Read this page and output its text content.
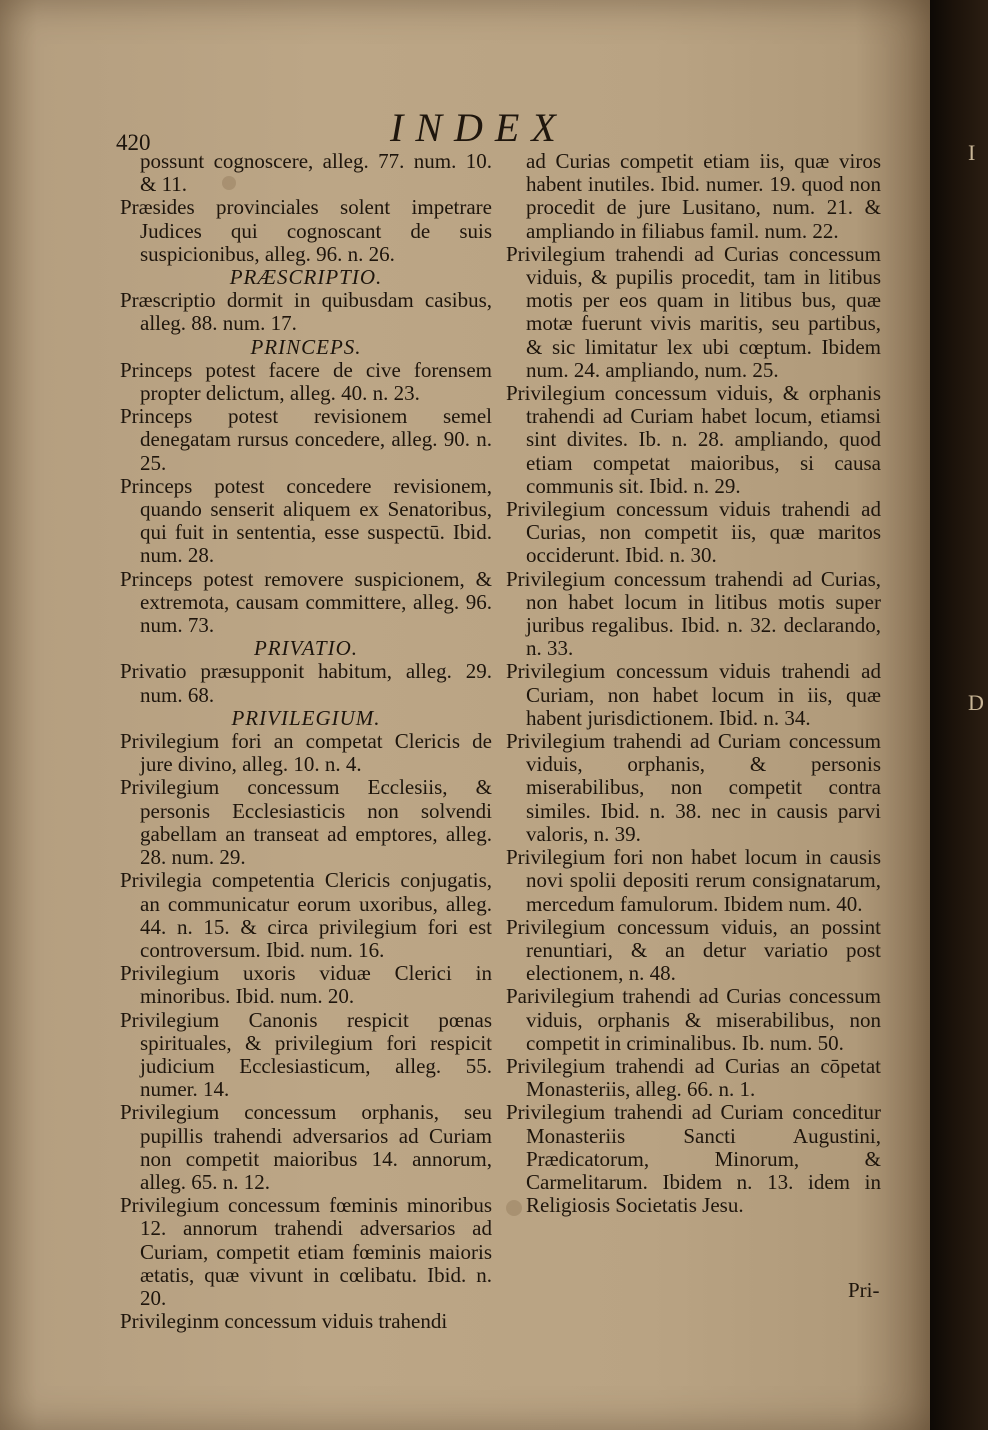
420	INDEX

possunt cognoscere, alleg. 77. num. 10. & 11.

Præsides provinciales solent impetrare Judices qui cognoscant de suis suspicionibus, alleg. 96. n. 26.

PRÆSCRIPTIO.

Præscriptio dormit in quibusdam casibus, alleg. 88. num. 17.

PRINCEPS.

Princeps potest facere de cive forensem propter delictum, alleg. 40. n. 23.

Princeps potest revisionem semel denegatam rursus concedere, alleg. 90. n. 25.

Princeps potest concedere revisionem, quando senserit aliquem ex Senatoribus, qui fuit in sententia, esse suspectū. Ibid. num. 28.

Princeps potest removere suspicionem, & extremota, causam committere, alleg. 96. num. 73.

PRIVATIO.

Privatio præsupponit habitum, alleg. 29. num. 68.

PRIVILEGIUM.

Privilegium fori an competat Clericis de jure divino, alleg. 10. n. 4.

Privilegium concessum Ecclesiis, & personis Ecclesiasticis non solvendi gabellam an transeat ad emptores, alleg. 28. num. 29.

Privilegia competentia Clericis conjugatis, an communicatur eorum uxoribus, alleg. 44. n. 15. & circa privilegium fori est controversum. Ibid. num. 16.

Privilegium uxoris viduæ Clerici in minoribus. Ibid. num. 20.

Privilegium Canonis respicit pœnas spirituales, & privilegium fori respicit judicium Ecclesiasticum, alleg. 55. numer. 14.

Privilegium concessum orphanis, seu pupillis trahendi adversarios ad Curiam non competit maioribus 14. annorum, alleg. 65. n. 12.

Privilegium concessum fœminis minoribus 12. annorum trahendi adversarios ad Curiam, competit etiam fœminis maioris ætatis, quæ vivunt in cœlibatu. Ibid. n. 20.

Privileginm concessum viduis trahendi

ad Curias competit etiam iis, quæ viros habent inutiles. Ibid. numer. 19. quod non procedit de jure Lusitano, num. 21. & ampliando in filiabus famil. num. 22.

Privilegium trahendi ad Curias concessum viduis, & pupilis procedit, tam in litibus motis per eos quam in litibus bus, quæ motæ fuerunt vivis maritis, seu partibus, & sic limitatur lex ubi cœptum. Ibidem num. 24. ampliando, num. 25.

Privilegium concessum viduis, & orphanis trahendi ad Curiam habet locum, etiamsi sint divites. Ib. n. 28. ampliando, quod etiam competat maioribus, si causa communis sit. Ibid. n. 29.

Privilegium concessum viduis trahendi ad Curias, non competit iis, quæ maritos occiderunt. Ibid. n. 30.

Privilegium concessum trahendi ad Curias, non habet locum in litibus motis super juribus regalibus. Ibid. n. 32. declarando, n. 33.

Privilegium concessum viduis trahendi ad Curiam, non habet locum in iis, quæ habent jurisdictionem. Ibid. n. 34.

Privilegium trahendi ad Curiam concessum viduis, orphanis, & personis miserabilibus, non competit contra similes. Ibid. n. 38. nec in causis parvi valoris, n. 39.

Privilegium fori non habet locum in causis novi spolii depositi rerum consignatarum, mercedum famulorum. Ibidem num. 40.

Privilegium concessum viduis, an possint renuntiari, & an detur variatio post electionem, n. 48.

Parivilegium trahendi ad Curias concessum viduis, orphanis & miserabilibus, non competit in criminalibus. Ib. num. 50.

Privilegium trahendi ad Curias an cōpetat Monasteriis, alleg. 66. n. 1.

Privilegium trahendi ad Curiam conceditur Monasteriis Sancti Augustini, Prædicatorum, Minorum, & Carmelitarum. Ibidem n. 13. idem in Religiosis Societatis Jesu.

Pri-
I
D
